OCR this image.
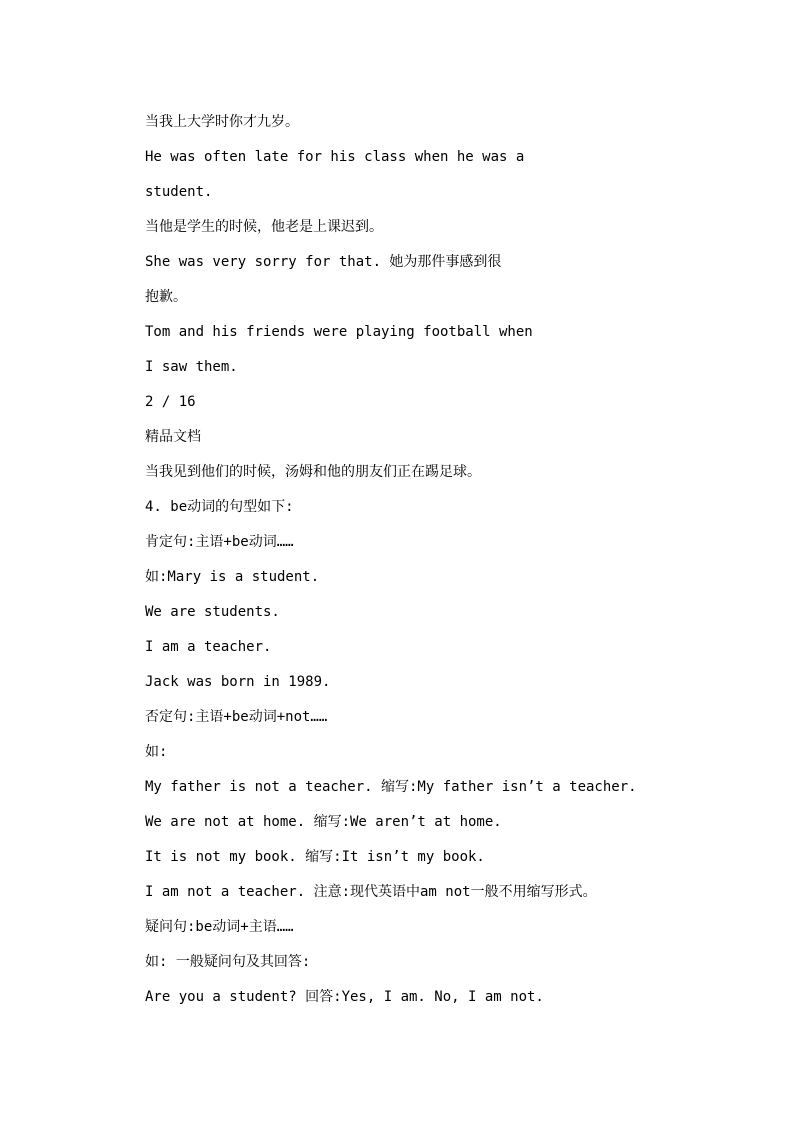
当我上大学时你才九岁。
He was often late for his class when he was a
student.
当他是学生的时候，他老是上课迟到。
She was very sorry for that. 她为那件事感到很
抱歉。
Tom and his friends were playing football when
I saw them.
2 / 16
精品文档
当我见到他们的时候，汤姆和他的朋友们正在踢足球。
4. be动词的句型如下:
肯定句:主语+be动词……
如:Mary is a student.
We are students.
I am a teacher.
Jack was born in 1989.
否定句:主语+be动词+not……
如:
My father is not a teacher. 缩写:My father isn’t a teacher.
We are not at home. 缩写:We aren’t at home.
It is not my book. 缩写:It isn’t my book.
I am not a teacher. 注意:现代英语中am not一般不用缩写形式。
疑问句:be动词+主语……
如: 一般疑问句及其回答:
Are you a student? 回答:Yes, I am. No, I am not.
